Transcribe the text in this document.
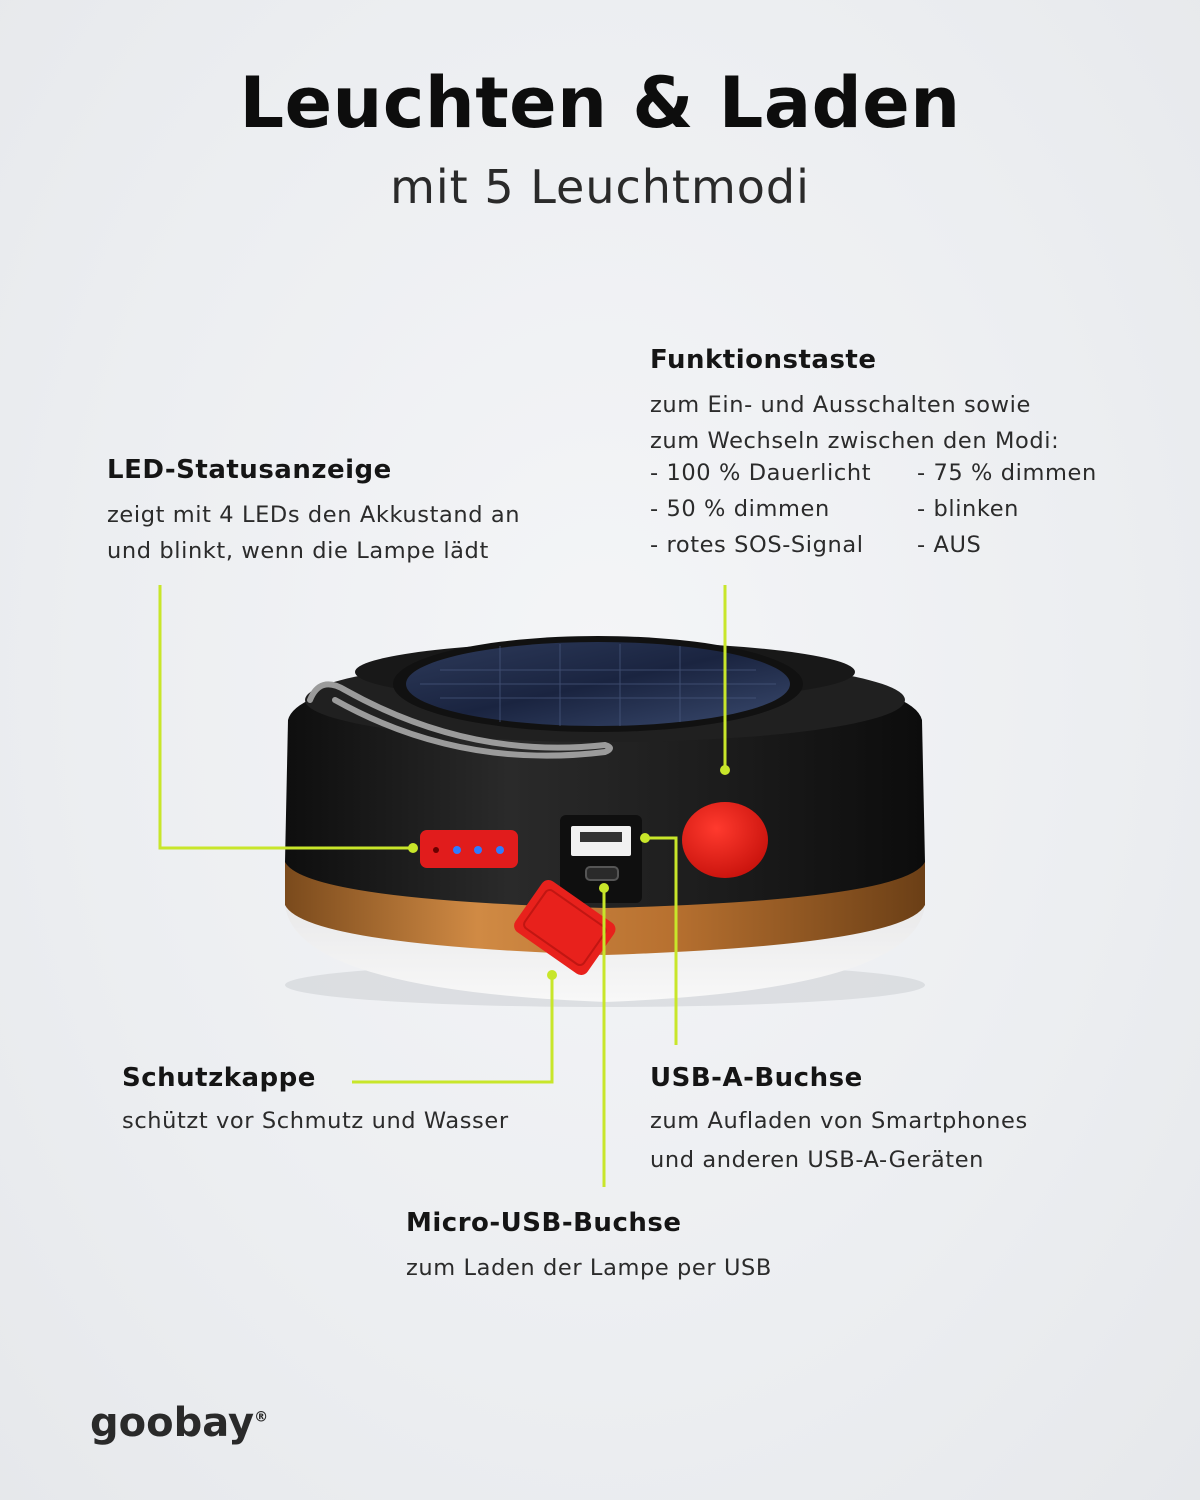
Leuchten & Laden
mit 5 Leuchtmodi
Funktionstaste
zum Ein- und Ausschalten sowie
zum Wechseln zwischen den Modi:
- 100 % Dauerlicht - 75 % dimmen
- 50 % dimmen	- blinken
- rotes SOS-Signal - AUS
LED-Statusanzeige
zeigt mit 4 LEDs den Akkustand an
und blinkt, wenn die Lampe lädt
Schutzkappe
schützt vor Schmutz und Wasser
USB-A-Buchse
zum Aufladen von Smartphones
und anderen USB-A-Geräten
Micro-USB-Buchse
zum Laden der Lampe per USB
goobay®
